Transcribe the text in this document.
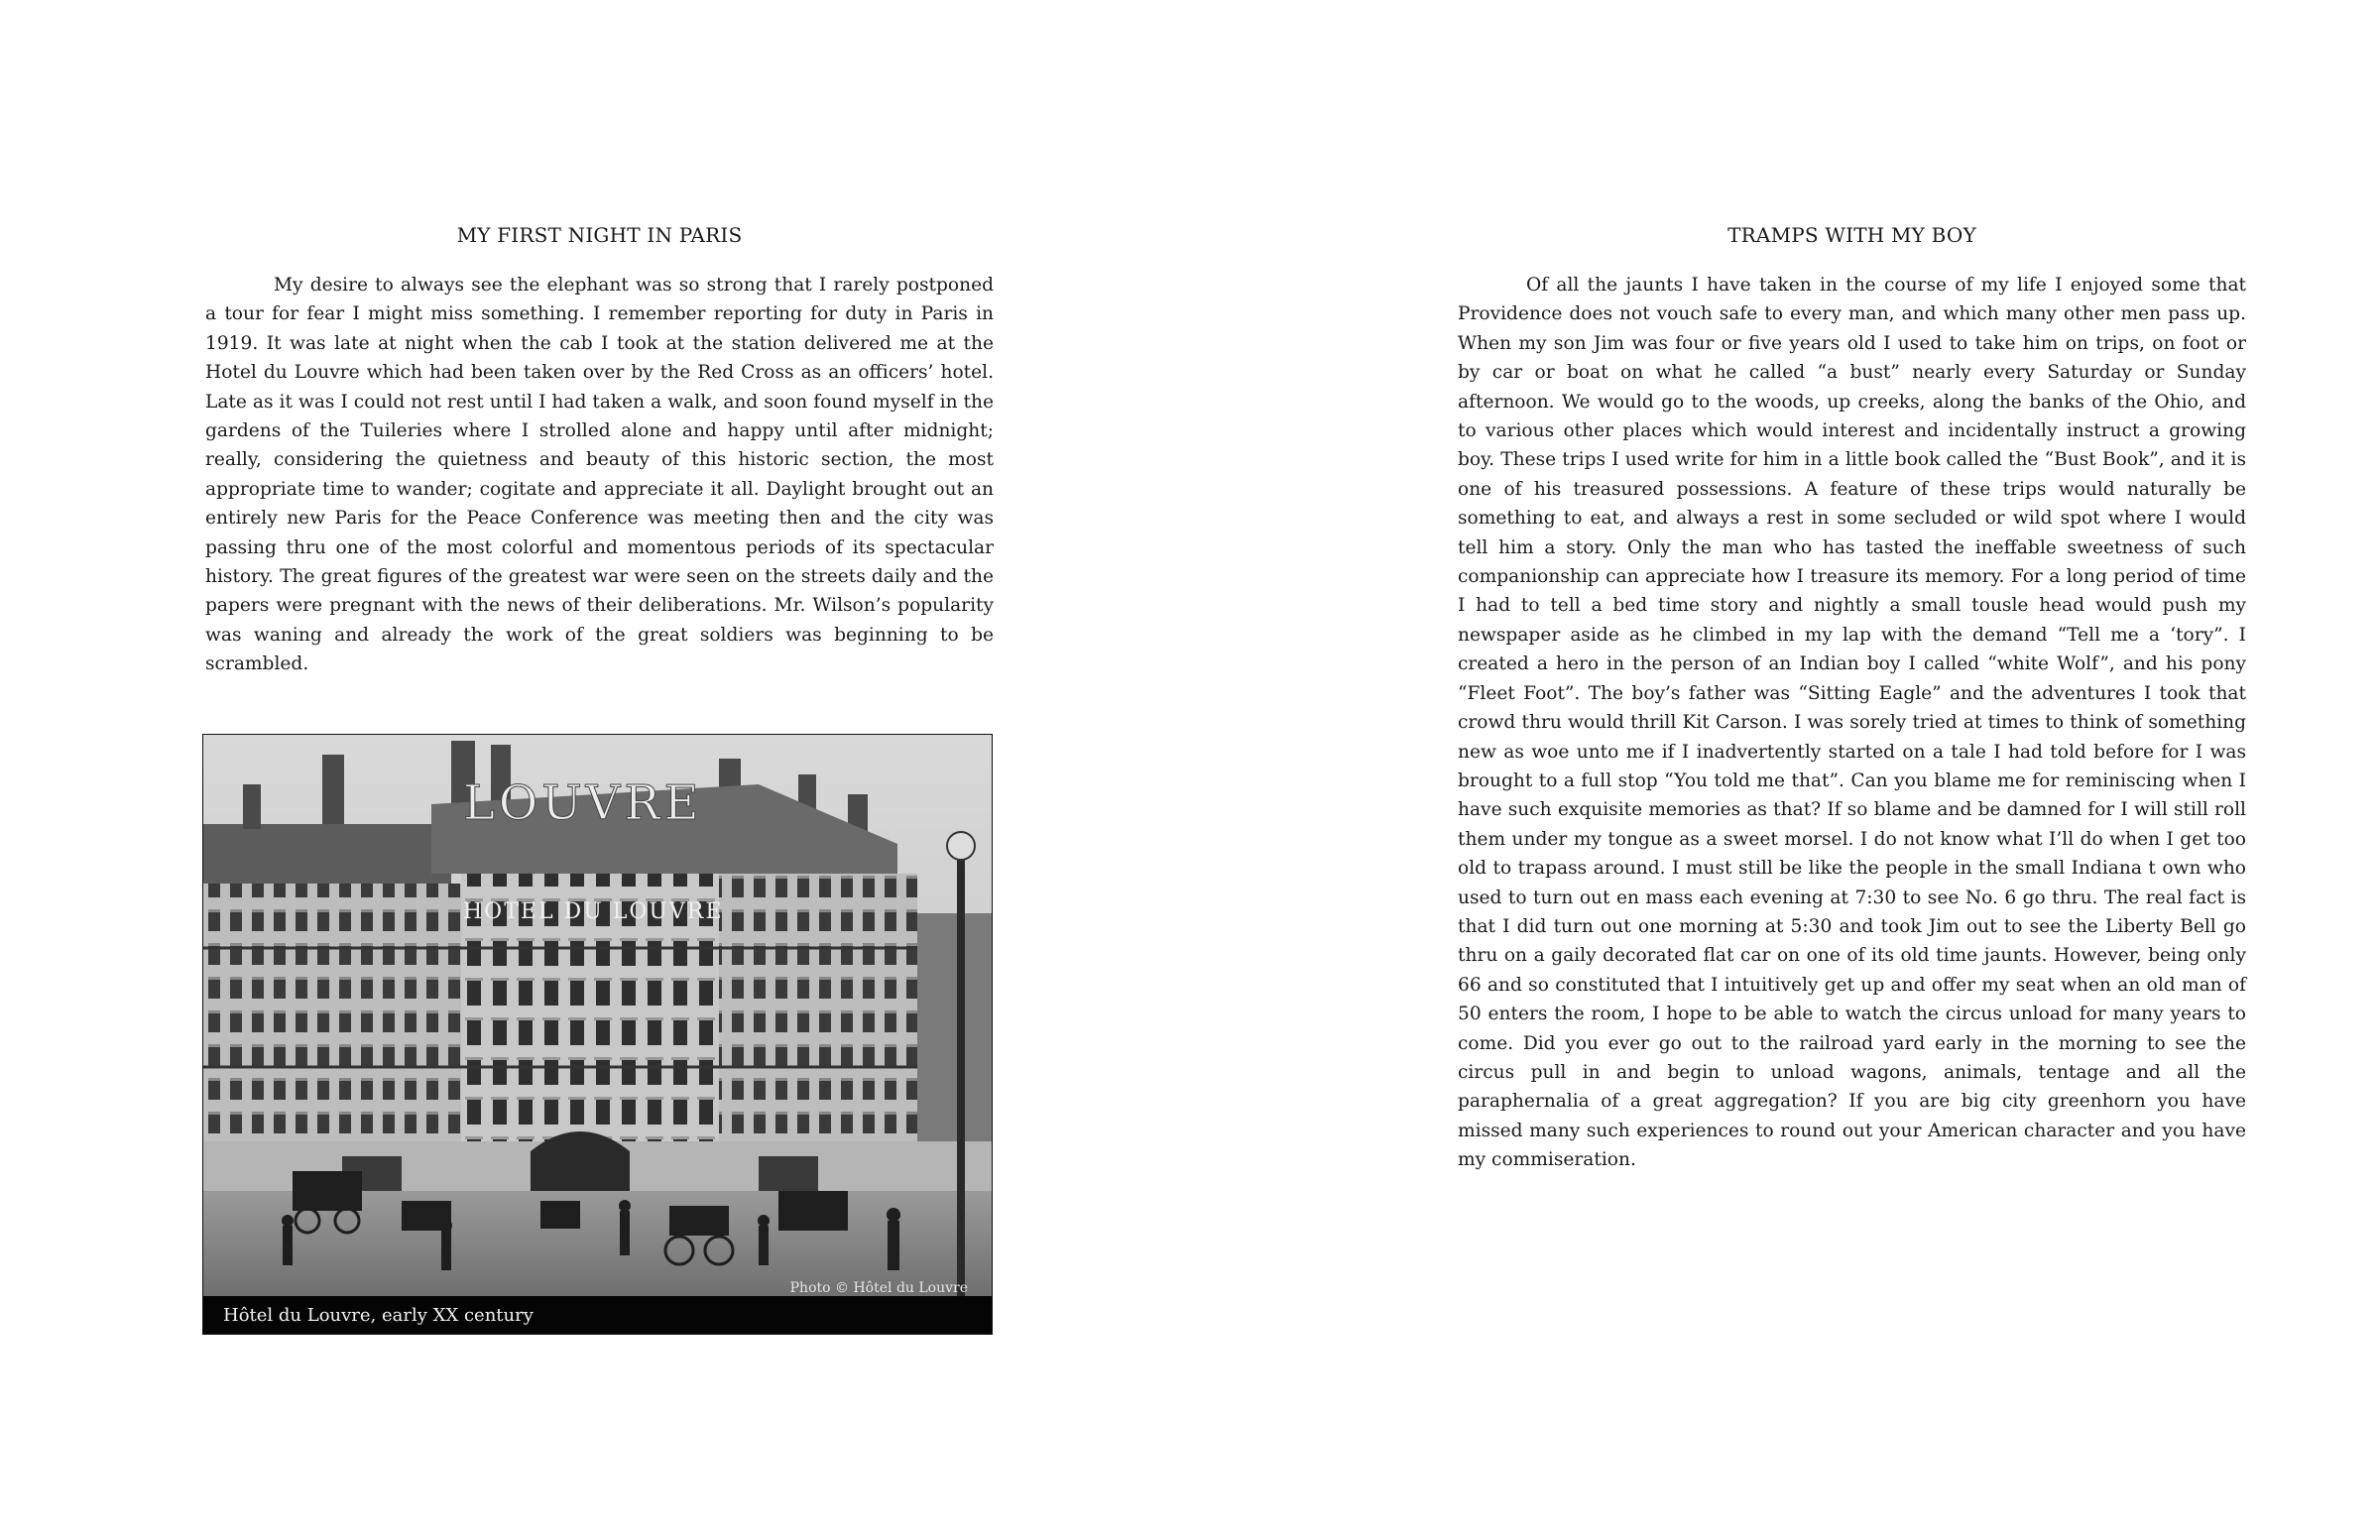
MY FIRST NIGHT IN PARIS

My desire to always see the elephant was so strong that I rarely postponed a tour for fear I might miss something. I remember reporting for duty in Paris in 1919. It was late at night when the cab I took at the station delivered me at the Hotel du Louvre which had been taken over by the Red Cross as an officers’ hotel. Late as it was I could not rest until I had taken a walk, and soon found myself in the gardens of the Tuileries where I strolled alone and happy until after midnight; really, considering the quietness and beauty of this historic section, the most appropriate time to wander; cogitate and appreciate it all. Daylight brought out an entirely new Paris for the Peace Conference was meeting then and the city was passing thru one of the most colorful and momentous periods of its spectacular history. The great figures of the greatest war were seen on the streets daily and the papers were pregnant with the news of their deliberations. Mr. Wilson’s popularity was waning and already the work of the great soldiers was beginning to be scrambled.

LOUVRE
HOTEL DU LOUVRE
Photo © Hôtel du Louvre
Hôtel du Louvre, early XX century
TRAMPS WITH MY BOY

Of all the jaunts I have taken in the course of my life I enjoyed some that Providence does not vouch safe to every man, and which many other men pass up. When my son Jim was four or five years old I used to take him on trips, on foot or by car or boat on what he called “a bust” nearly every Saturday or Sunday afternoon. We would go to the woods, up creeks, along the banks of the Ohio, and to various other places which would interest and incidentally instruct a growing boy. These trips I used write for him in a little book called the “Bust Book”, and it is one of his treasured possessions. A feature of these trips would naturally be something to eat, and always a rest in some secluded or wild spot where I would tell him a story. Only the man who has tasted the ineffable sweetness of such companionship can appreciate how I treasure its memory. For a long period of time I had to tell a bed time story and nightly a small tousle head would push my newspaper aside as he climbed in my lap with the demand “Tell me a ‘tory”. I created a hero in the person of an Indian boy I called “white Wolf”, and his pony “Fleet Foot”. The boy’s father was “Sitting Eagle” and the adventures I took that crowd thru would thrill Kit Carson. I was sorely tried at times to think of something new as woe unto me if I inadvertently started on a tale I had told before for I was brought to a full stop “You told me that”. Can you blame me for reminiscing when I have such exquisite memories as that? If so blame and be damned for I will still roll them under my tongue as a sweet morsel. I do not know what I’ll do when I get too old to trapass around. I must still be like the people in the small Indiana t own who used to turn out en mass each evening at 7:30 to see No. 6 go thru. The real fact is that I did turn out one morning at 5:30 and took Jim out to see the Liberty Bell go thru on a gaily decorated flat car on one of its old time jaunts. However, being only 66 and so constituted that I intuitively get up and offer my seat when an old man of 50 enters the room, I hope to be able to watch the circus unload for many years to come. Did you ever go out to the railroad yard early in the morning to see the circus pull in and begin to unload wagons, animals, tentage and all the paraphernalia of a great aggregation? If you are big city greenhorn you have missed many such experiences to round out your American character and you have my commiseration.
